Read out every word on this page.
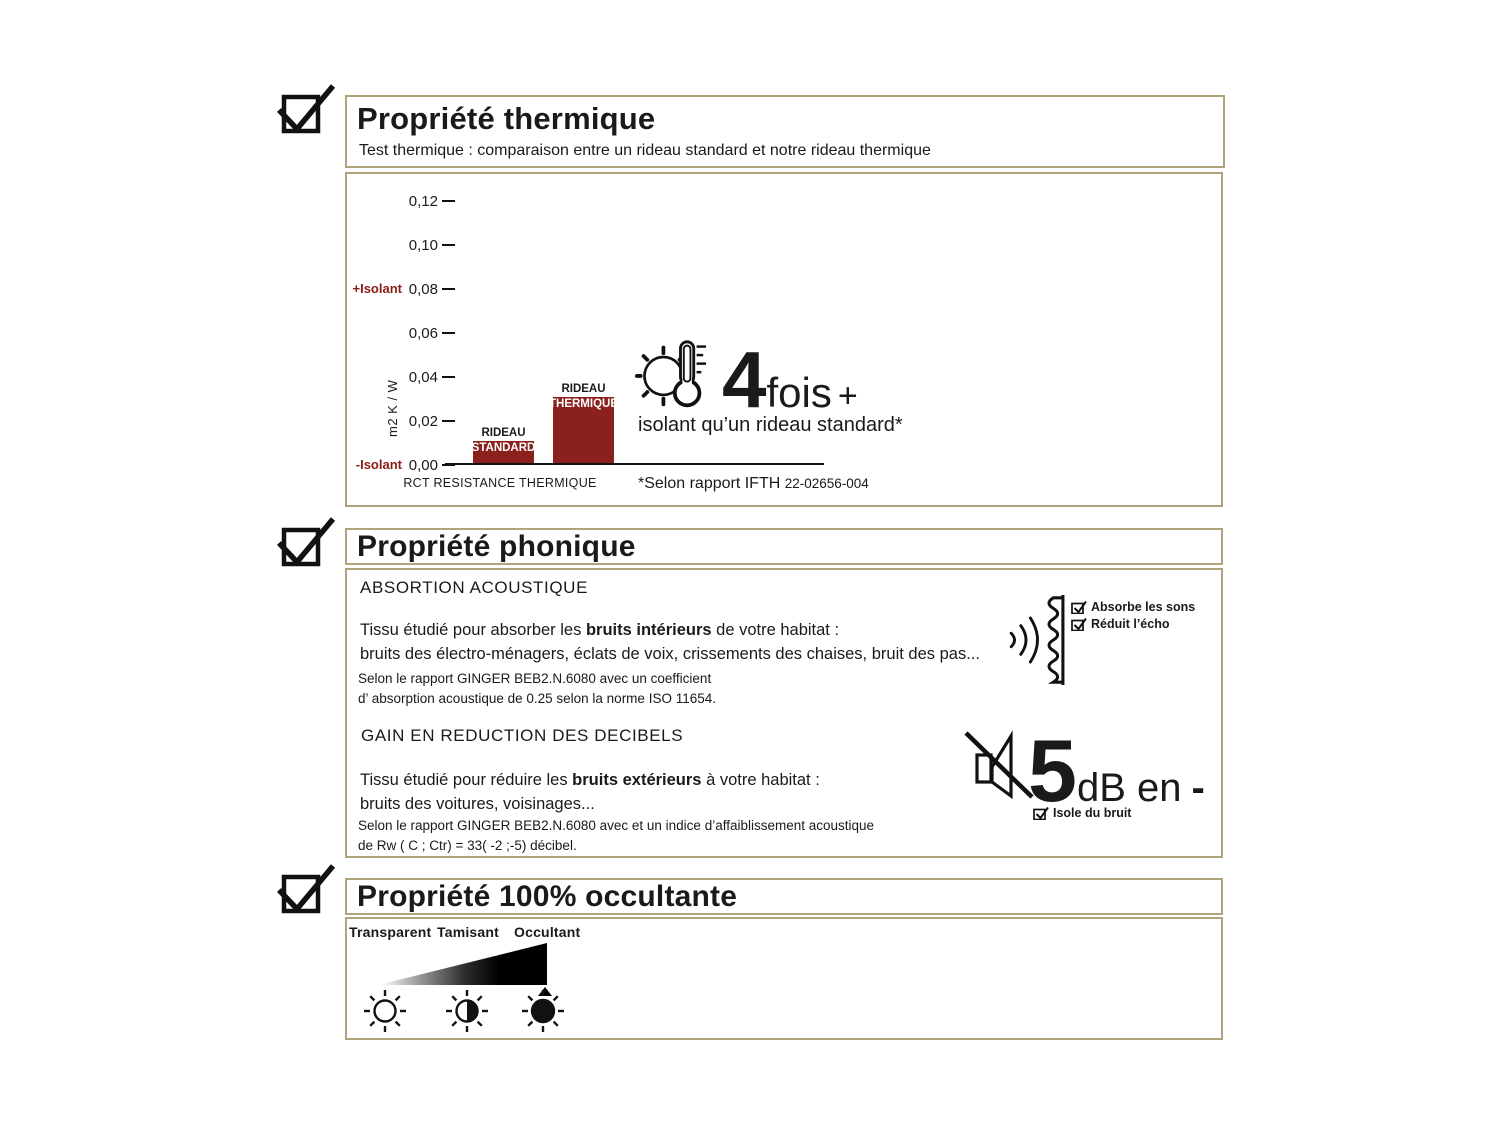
Propriété thermique
Test thermique : comparaison entre un rideau standard et notre rideau thermique
0,12
0,10
0,08
0,06
0,04
0,02
0,00
+Isolant
-Isolant
m2 K / W	RIDEAU
STANDARD
RIDEAU
THERMIQUE
RCT RESISTANCE THERMIQUE
4 fois +
isolant qu’un rideau standard*
*Selon rapport IFTH 22-02656-004
Propriété phonique
ABSORTION ACOUSTIQUE
Tissu étudié pour absorber les bruits intérieurs de votre habitat :
bruits des électro-ménagers, éclats de voix, crissements des chaises, bruit des pas...
Selon le rapport GINGER BEB2.N.6080 avec un coefficient
d’ absorption acoustique de 0.25 selon la norme ISO 11654.
Absorbe les sons
Réduit l’écho
GAIN EN REDUCTION DES DECIBELS
Tissu étudié pour réduire les bruits extérieurs à votre habitat :
bruits des voitures, voisinages...
Selon le rapport GINGER BEB2.N.6080 avec et un indice d’affaiblissement acoustique
de Rw ( C ; Ctr) = 33( -2 ;-5) décibel.
5 dB en -
Isole du bruit
Propriété 100% occultante
Transparent Tamisant Occultant
